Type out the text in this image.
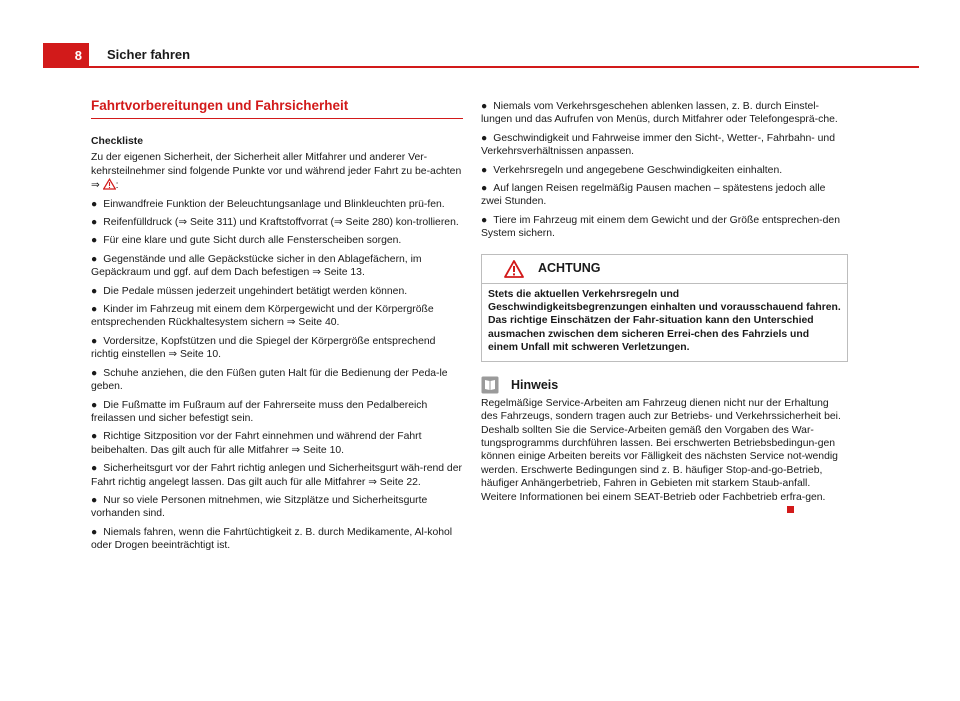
8	Sicher fahren
Fahrtvorbereitungen und Fahrsicherheit
Checkliste

Zu der eigenen Sicherheit, der Sicherheit aller Mitfahrer und anderer Ver-kehrsteilnehmer sind folgende Punkte vor und während jeder Fahrt zu be-achten ⇒ :

● Einwandfreie Funktion der Beleuchtungsanlage und Blinkleuchten prü-fen.
● Reifenfülldruck (⇒ Seite 311) und Kraftstoffvorrat (⇒ Seite 280) kon-trollieren.
● Für eine klare und gute Sicht durch alle Fensterscheiben sorgen.
● Gegenstände und alle Gepäckstücke sicher in den Ablagefächern, im Gepäckraum und ggf. auf dem Dach befestigen ⇒ Seite 13.
● Die Pedale müssen jederzeit ungehindert betätigt werden können.
● Kinder im Fahrzeug mit einem dem Körpergewicht und der Körpergröße entsprechenden Rückhaltesystem sichern ⇒ Seite 40.
● Vordersitze, Kopfstützen und die Spiegel der Körpergröße entsprechend richtig einstellen ⇒ Seite 10.
● Schuhe anziehen, die den Füßen guten Halt für die Bedienung der Peda-le geben.
● Die Fußmatte im Fußraum auf der Fahrerseite muss den Pedalbereich freilassen und sicher befestigt sein.
● Richtige Sitzposition vor der Fahrt einnehmen und während der Fahrt beibehalten. Das gilt auch für alle Mitfahrer ⇒ Seite 10.
● Sicherheitsgurt vor der Fahrt richtig anlegen und Sicherheitsgurt wäh-rend der Fahrt richtig angelegt lassen. Das gilt auch für alle Mitfahrer ⇒ Seite 22.
● Nur so viele Personen mitnehmen, wie Sitzplätze und Sicherheitsgurte vorhanden sind.
● Niemals fahren, wenn die Fahrtüchtigkeit z. B. durch Medikamente, Al-kohol oder Drogen beeinträchtigt ist.
● Niemals vom Verkehrsgeschehen ablenken lassen, z. B. durch Einstel-lungen und das Aufrufen von Menüs, durch Mitfahrer oder Telefongesprä-che.
● Geschwindigkeit und Fahrweise immer den Sicht-, Wetter-, Fahrbahn- und Verkehrsverhältnissen anpassen.
● Verkehrsregeln und angegebene Geschwindigkeiten einhalten.
● Auf langen Reisen regelmäßig Pausen machen – spätestens jedoch alle zwei Stunden.
● Tiere im Fahrzeug mit einem dem Gewicht und der Größe entsprechen-den System sichern.
ACHTUNG
Stets die aktuellen Verkehrsregeln und Geschwindigkeitsbegrenzungen einhalten und vorausschauend fahren. Das richtige Einschätzen der Fahr-situation kann den Unterschied ausmachen zwischen dem sicheren Errei-chen des Fahrziels und einem Unfall mit schweren Verletzungen.
Hinweis

Regelmäßige Service-Arbeiten am Fahrzeug dienen nicht nur der Erhaltung des Fahrzeugs, sondern tragen auch zur Betriebs- und Verkehrssicherheit bei. Deshalb sollten Sie die Service-Arbeiten gemäß den Vorgaben des War-tungsprogramms durchführen lassen. Bei erschwerten Betriebsbedingun-gen können einige Arbeiten bereits vor Fälligkeit des nächsten Service not-wendig werden. Erschwerte Bedingungen sind z. B. häufiger Stop-and-go-Betrieb, häufiger Anhängerbetrieb, Fahren in Gebieten mit starkem Staub-anfall. Weitere Informationen bei einem SEAT-Betrieb oder Fachbetrieb erfra-gen.
